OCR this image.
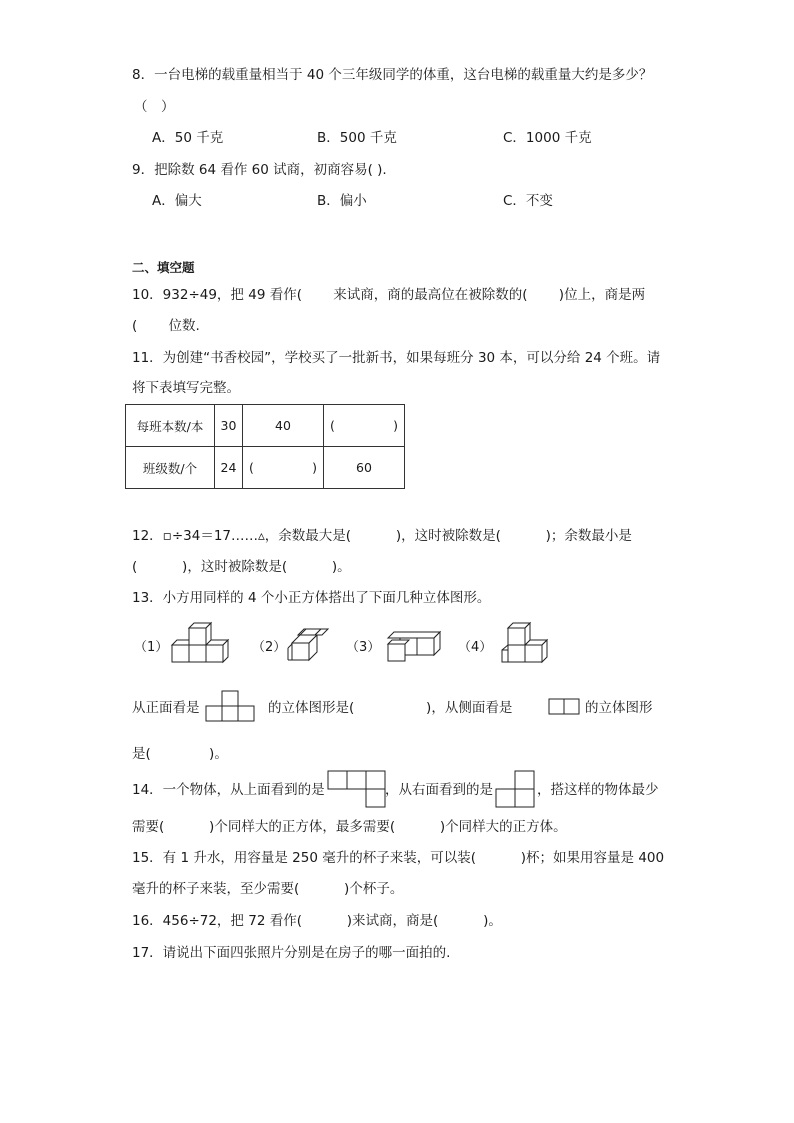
8．一台电梯的载重量相当于 40 个三年级同学的体重，这台电梯的载重量大约是多少？
（　）
A．50 千克	B．500 千克	C．1000 千克
9．把除数 64 看作 60 试商，初商容易( ).
A．偏大	B．偏小	C．不变
二、填空题
10．932÷49，把 49 看作(　　 来试商，商的最高位在被除数的(　　 )位上，商是两
(　　 位数.
11．为创建“书香校园”，学校买了一批新书，如果每班分 30 本，可以分给 24 个班。请
将下表填写完整。
每班本数/本	30	40	( )

班级数/个	24	( )	60
12．▫÷34＝17……▵，余数最大是(　　　 )，这时被除数是(　　　 )；余数最小是
(　　　 )，这时被除数是(　　　 )。
13．小方用同样的 4 个小正方体搭出了下面几种立体图形。
（1）	（2）	（3）	（4）
从正面看是	的立体图形是(　　　　　 )，从侧面看是	的立体图形
是(　　　　 )。
14．一个物体，从上面看到的是	，从右面看到的是	，搭这样的物体最少
需要(　　　 )个同样大的正方体，最多需要(　　　 )个同样大的正方体。
15．有 1 升水，用容量是 250 毫升的杯子来装，可以装(　　　 )杯；如果用容量是 400
毫升的杯子来装，至少需要(　　　 )个杯子。
16．456÷72，把 72 看作(　　　 )来试商，商是(　　　 )。
17．请说出下面四张照片分别是在房子的哪一面拍的.
